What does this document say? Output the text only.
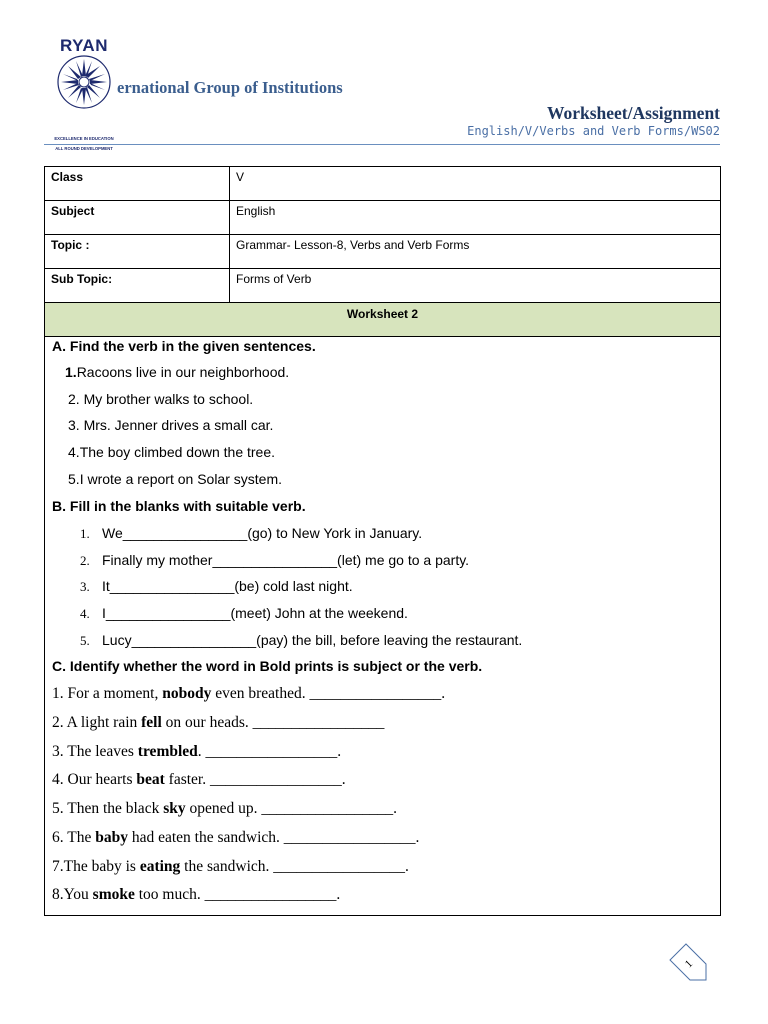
RYAN
EXCELLENCE IN EDUCATION
ALL ROUND DEVELOPMENT
ernational Group of Institutions
Worksheet/Assignment
English/V/Verbs and Verb Forms/WS02
Class	V
Subject	English
Topic :	Grammar- Lesson-8, Verbs and Verb Forms
Sub Topic:	Forms of Verb
Worksheet 2	
A. Find the verb in the given sentences.
1.Racoons live in our neighborhood.
2. My brother walks to school.
3. Mrs. Jenner drives a small car.
4.The boy climbed down the tree.
5.I wrote a report on Solar system.
B. Fill in the blanks with suitable verb.
1. We________________(go) to New York in January.
2. Finally my mother________________(let) me go to a party.
3. It________________(be) cold last night.
4. I________________(meet) John at the weekend.
5. Lucy________________(pay) the bill, before leaving the restaurant.
C. Identify whether the word in Bold prints is subject or the verb.
1. For a moment, nobody even breathed. _________________.
2. A light rain fell on our heads. _________________
3. The leaves trembled. _________________.
4. Our hearts beat faster. _________________.
5. Then the black sky opened up. _________________.
6. The baby had eaten the sandwich. _________________.
7.The baby is eating the sandwich. _________________.
8.You smoke too much. _________________.
1
